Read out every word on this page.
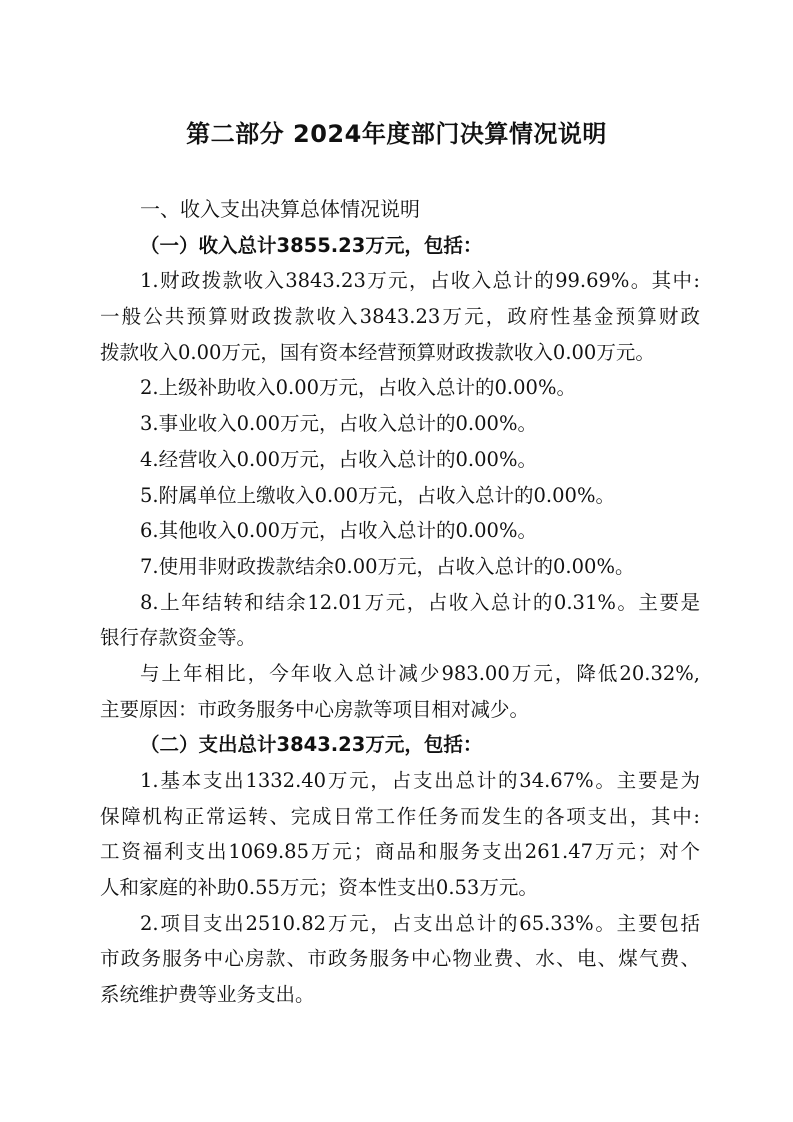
第二部分 2024年度部门决算情况说明
一、收入支出决算总体情况说明
（一）收入总计3855.23万元，包括：
1.财政拨款收入3843.23万元，占收入总计的99.69%。其中:
一般公共预算财政拨款收入3843.23万元，政府性基金预算财政
拨款收入0.00万元，国有资本经营预算财政拨款收入0.00万元。
2.上级补助收入0.00万元，占收入总计的0.00%。
3.事业收入0.00万元，占收入总计的0.00%。
4.经营收入0.00万元，占收入总计的0.00%。
5.附属单位上缴收入0.00万元，占收入总计的0.00%。
6.其他收入0.00万元，占收入总计的0.00%。
7.使用非财政拨款结余0.00万元，占收入总计的0.00%。
8.上年结转和结余12.01万元，占收入总计的0.31%。主要是
银行存款资金等。
与上年相比，今年收入总计减少983.00万元，降低20.32%,
主要原因：市政务服务中心房款等项目相对减少。
（二）支出总计3843.23万元，包括：
1.基本支出1332.40万元，占支出总计的34.67%。主要是为
保障机构正常运转、完成日常工作任务而发生的各项支出，其中:
工资福利支出1069.85万元；商品和服务支出261.47万元；对个
人和家庭的补助0.55万元；资本性支出0.53万元。
2.项目支出2510.82万元，占支出总计的65.33%。主要包括
市政务服务中心房款、市政务服务中心物业费、水、电、煤气费、
系统维护费等业务支出。
